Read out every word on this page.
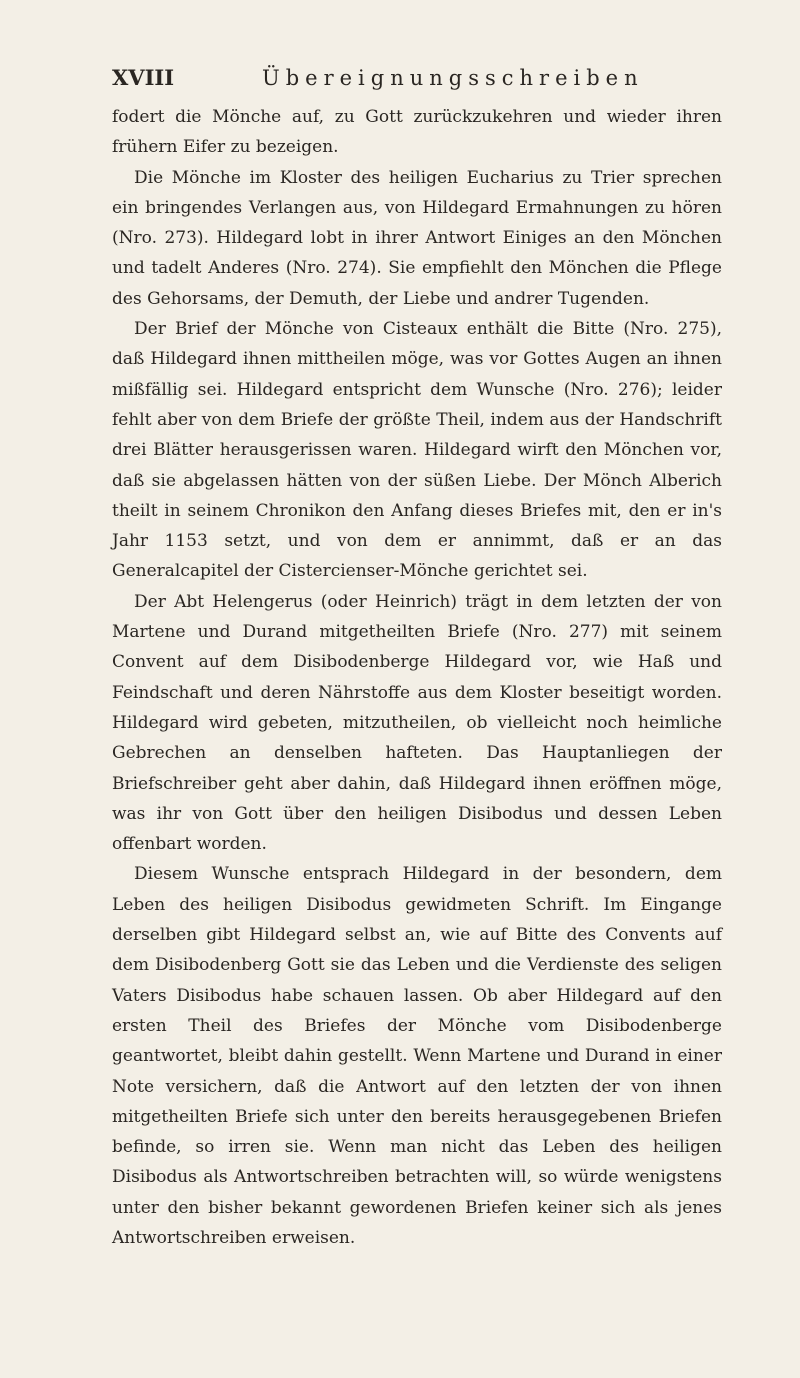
XVIII	Übereignungsschreiben

fodert die Mönche auf, zu Gott zurückzukehren und wieder ihren frühern Eifer zu bezeigen.

Die Mönche im Kloster des heiligen Eucharius zu Trier sprechen ein bringendes Verlangen aus, von Hildegard Ermahnungen zu hören (Nro. 273). Hildegard lobt in ihrer Antwort Einiges an den Mönchen und tadelt Anderes (Nro. 274). Sie empfiehlt den Mönchen die Pflege des Gehorsams, der Demuth, der Liebe und andrer Tugenden.

Der Brief der Mönche von Cisteaux enthält die Bitte (Nro. 275), daß Hildegard ihnen mittheilen möge, was vor Gottes Augen an ihnen mißfällig sei. Hildegard entspricht dem Wunsche (Nro. 276); leider fehlt aber von dem Briefe der größte Theil, indem aus der Handschrift drei Blätter herausgerissen waren. Hildegard wirft den Mönchen vor, daß sie abgelassen hätten von der süßen Liebe. Der Mönch Alberich theilt in seinem Chronikon den Anfang dieses Briefes mit, den er in's Jahr 1153 setzt, und von dem er annimmt, daß er an das Generalcapitel der Cistercienser-Mönche gerichtet sei.

Der Abt Helengerus (oder Heinrich) trägt in dem letzten der von Martene und Durand mitgetheilten Briefe (Nro. 277) mit seinem Convent auf dem Disibodenberge Hildegard vor, wie Haß und Feindschaft und deren Nährstoffe aus dem Kloster beseitigt worden. Hildegard wird gebeten, mitzutheilen, ob vielleicht noch heimliche Gebrechen an denselben hafteten. Das Hauptanliegen der Briefschreiber geht aber dahin, daß Hildegard ihnen eröffnen möge, was ihr von Gott über den heiligen Disibodus und dessen Leben offenbart worden.

Diesem Wunsche entsprach Hildegard in der besondern, dem Leben des heiligen Disibodus gewidmeten Schrift. Im Eingange derselben gibt Hildegard selbst an, wie auf Bitte des Convents auf dem Disibodenberg Gott sie das Leben und die Verdienste des seligen Vaters Disibodus habe schauen lassen. Ob aber Hildegard auf den ersten Theil des Briefes der Mönche vom Disibodenberge geantwortet, bleibt dahin gestellt. Wenn Martene und Durand in einer Note versichern, daß die Antwort auf den letzten der von ihnen mitgetheilten Briefe sich unter den bereits herausgegebenen Briefen befinde, so irren sie. Wenn man nicht das Leben des heiligen Disibodus als Antwortschreiben betrachten will, so würde wenigstens unter den bisher bekannt gewordenen Briefen keiner sich als jenes Antwortschreiben erweisen.
